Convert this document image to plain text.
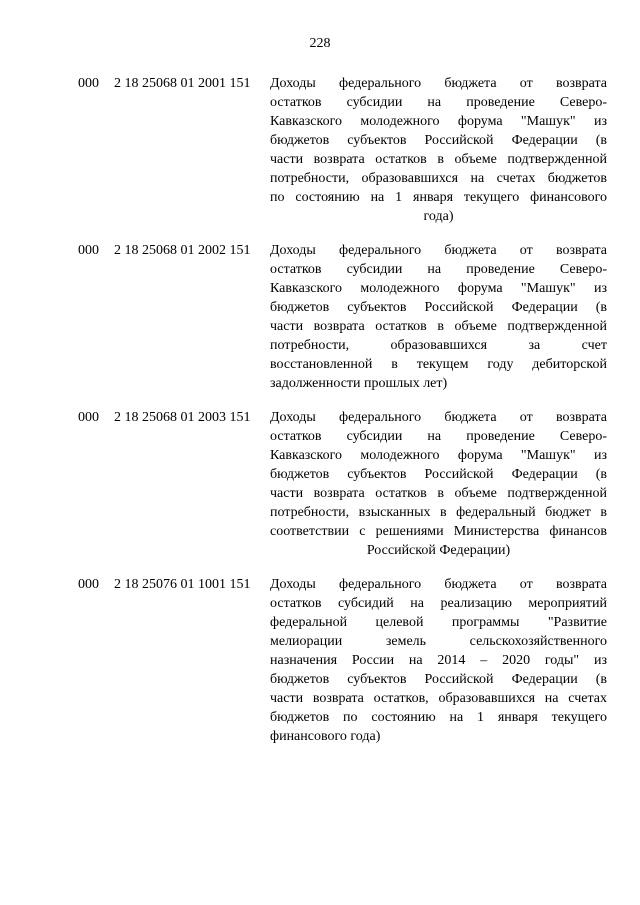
228
000 2 18 25068 01 2001 151 Доходы федерального бюджета от возврата
остатков субсидии на проведение Северо-
Кавказского молодежного форума "Машук" из
бюджетов субъектов Российской Федерации (в
части возврата остатков в объеме подтвержденной
потребности, образовавшихся на счетах бюджетов
по состоянию на 1 января текущего финансового
года)
000 2 18 25068 01 2002 151 Доходы федерального бюджета от возврата
остатков субсидии на проведение Северо-
Кавказского молодежного форума "Машук" из
бюджетов субъектов Российской Федерации (в
части возврата остатков в объеме подтвержденной
потребности, образовавшихся за счет
восстановленной в текущем году дебиторской
задолженности прошлых лет)
000 2 18 25068 01 2003 151 Доходы федерального бюджета от возврата
остатков субсидии на проведение Северо-
Кавказского молодежного форума "Машук" из
бюджетов субъектов Российской Федерации (в
части возврата остатков в объеме подтвержденной
потребности, взысканных в федеральный бюджет в
соответствии с решениями Министерства финансов
Российской Федерации)
000 2 18 25076 01 1001 151 Доходы федерального бюджета от возврата
остатков субсидий на реализацию мероприятий
федеральной целевой программы "Развитие
мелиорации земель сельскохозяйственного
назначения России на 2014 – 2020 годы" из
бюджетов субъектов Российской Федерации (в
части возврата остатков, образовавшихся на счетах
бюджетов по состоянию на 1 января текущего
финансового года)
